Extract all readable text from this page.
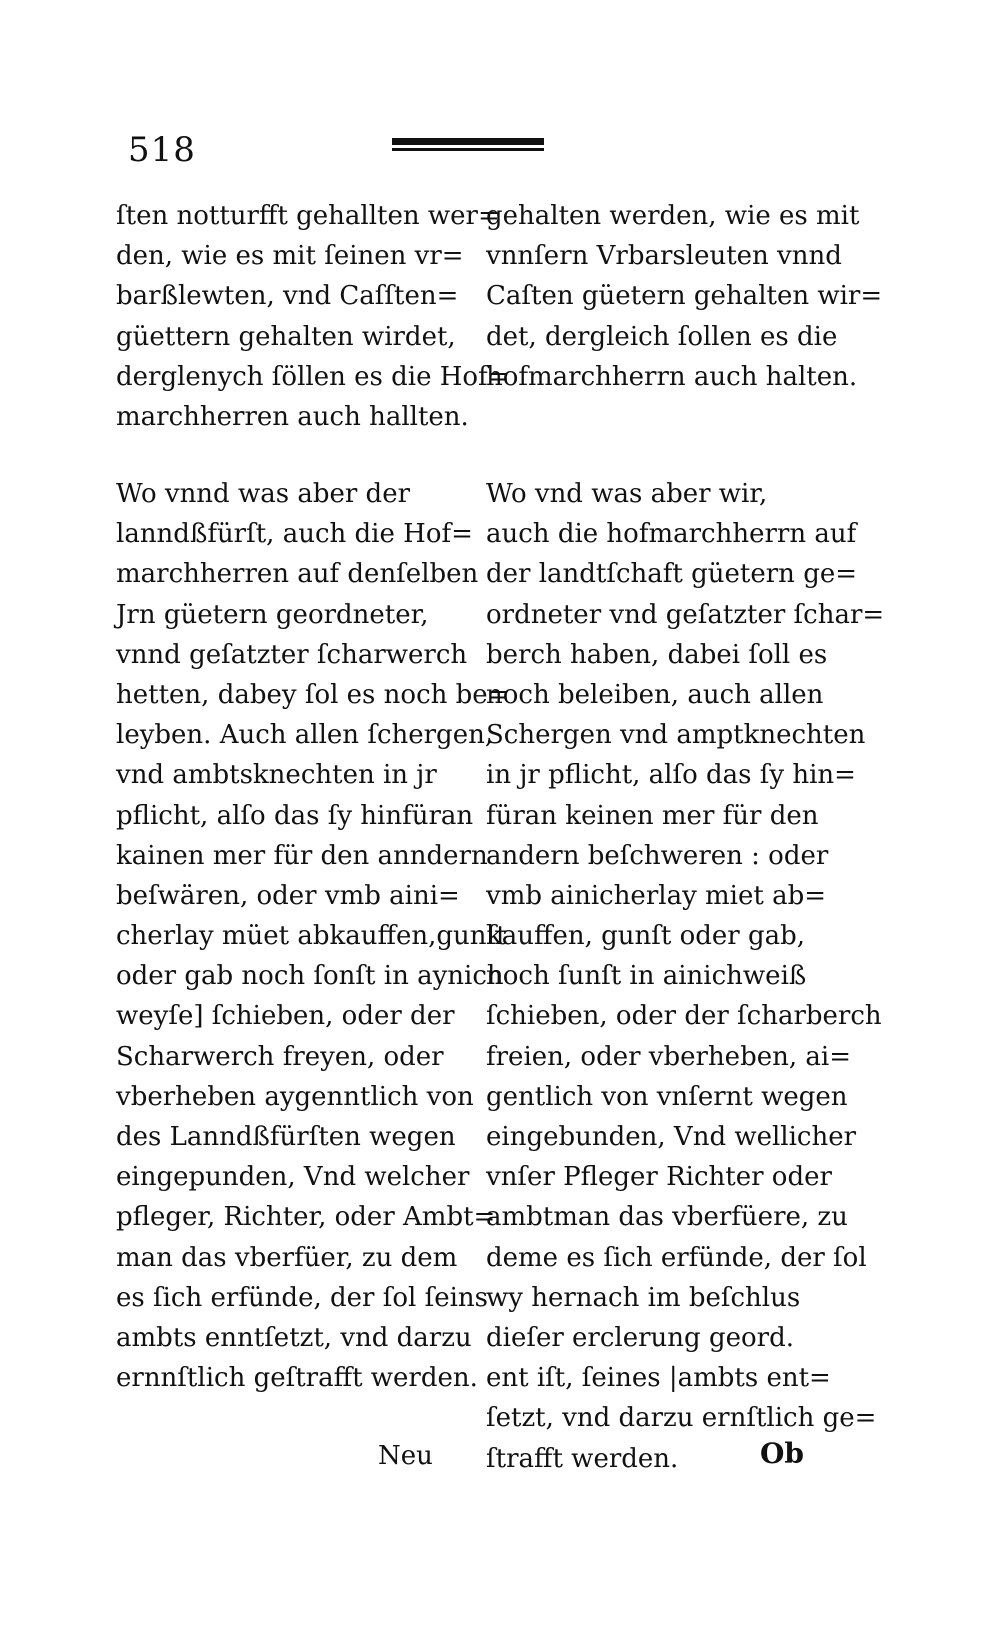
518
ſten notturfft gehallten wer=
den, wie es mit ſeinen vr=
barßlewten, vnd Caſſten=
güettern gehalten wirdet,
derglenych ſöllen es die Hof=
marchherren auch hallten.
gehalten werden, wie es mit
vnnſern Vrbarsleuten vnnd
Caſten güetern gehalten wir=
det, dergleich ſollen es die
hofmarchherrn auch halten.
Wo vnnd was aber der
lanndßfürſt, auch die Hof=
marchherren auf denſelben
Jrn güetern geordneter,
vnnd geſatzter ſcharwerch
hetten, dabey ſol es noch be=
leyben. Auch allen ſchergen,
vnd ambtsknechten in jr
pflicht, alſo das ſy hinfüran
kainen mer für den anndern
beſwären, oder vmb aini=
cherlay müet abkauffen,gunſt
oder gab noch ſonſt in aynich
weyſe] ſchieben, oder der
Scharwerch freyen, oder
vberheben aygenntlich von
des Lanndßfürſten wegen
eingepunden, Vnd welcher
pfleger, Richter, oder Ambt=
man das vberfüer, zu dem
es ſich erfünde, der ſol ſeins
ambts enntſetzt, vnd darzu
ernnſtlich geſtrafft werden.
Wo vnd was aber wir,
auch die hofmarchherrn auf
der landtſchaft güetern ge=
ordneter vnd geſatzter ſchar=
berch haben, dabei ſoll es
noch beleiben, auch allen
Schergen vnd amptknechten
in jr pflicht, alſo das ſy hin=
füran keinen mer für den
andern beſchweren : oder
vmb ainicherlay miet ab=
kauffen, gunſt oder gab,
noch ſunſt in ainichweiß
ſchieben, oder der ſcharberch
freien, oder vberheben, ai=
gentlich von vnſernt wegen
eingebunden, Vnd wellicher
vnſer Pfleger Richter oder
ambtman das vberfüere, zu
deme es ſich erfünde, der ſol
wy hernach im beſchlus
dieſer erclerung geord.
ent iſt, ſeines |ambts ent=
ſetzt, vnd darzu ernſtlich ge=
ſtrafft werden.
Neu	Ob
